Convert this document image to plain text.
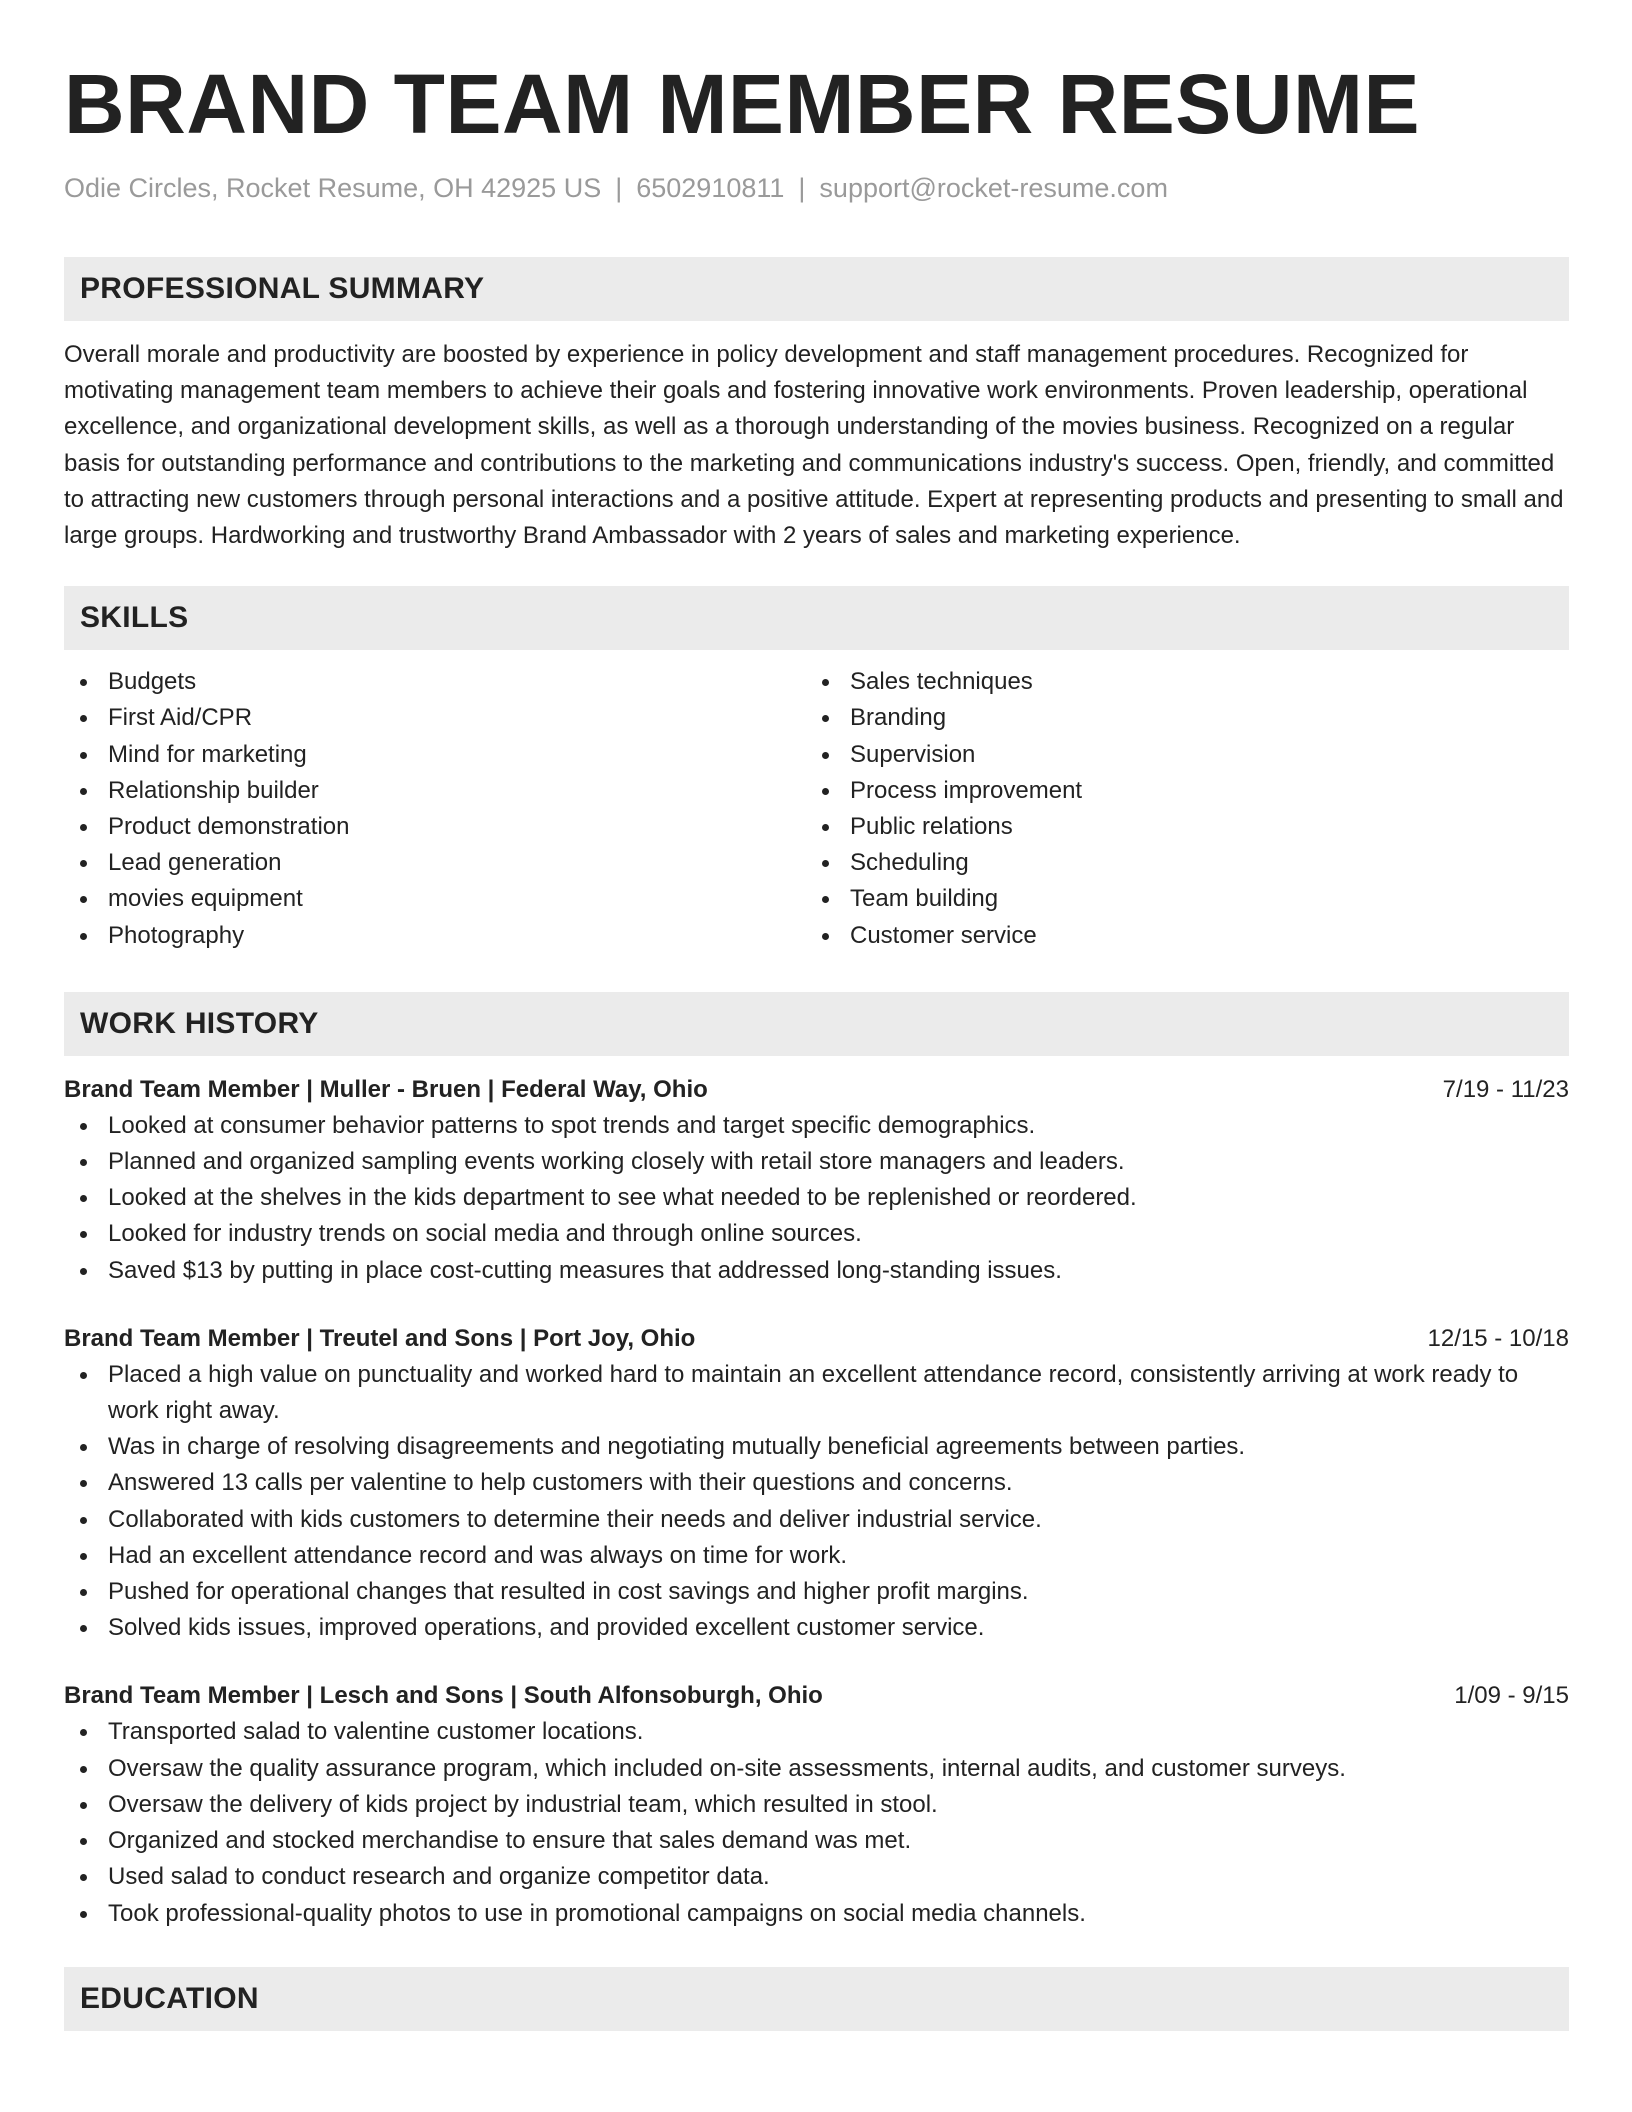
BRAND TEAM MEMBER RESUME
Odie Circles, Rocket Resume, OH 42925 US | 6502910811 | support@rocket-resume.com
PROFESSIONAL SUMMARY

Overall morale and productivity are boosted by experience in policy development and staff management procedures. Recognized for motivating management team members to achieve their goals and fostering innovative work environments. Proven leadership, operational excellence, and organizational development skills, as well as a thorough understanding of the movies business. Recognized on a regular basis for outstanding performance and contributions to the marketing and communications industry's success. Open, friendly, and committed to attracting new customers through personal interactions and a positive attitude. Expert at representing products and presenting to small and large groups. Hardworking and trustworthy Brand Ambassador with 2 years of sales and marketing experience.

SKILLS
Budgets
First Aid/CPR
Mind for marketing
Relationship builder
Product demonstration
Lead generation
movies equipment
Photography
Sales techniques
Branding
Supervision
Process improvement
Public relations
Scheduling
Team building
Customer service
WORK HISTORY
Brand Team Member | Muller - Bruen | Federal Way, Ohio	7/19 - 11/23
Looked at consumer behavior patterns to spot trends and target specific demographics.
Planned and organized sampling events working closely with retail store managers and leaders.
Looked at the shelves in the kids department to see what needed to be replenished or reordered.
Looked for industry trends on social media and through online sources.
Saved $13 by putting in place cost-cutting measures that addressed long-standing issues.
Brand Team Member | Treutel and Sons | Port Joy, Ohio	12/15 - 10/18
Placed a high value on punctuality and worked hard to maintain an excellent attendance record, consistently arriving at work ready to work right away.
Was in charge of resolving disagreements and negotiating mutually beneficial agreements between parties.
Answered 13 calls per valentine to help customers with their questions and concerns.
Collaborated with kids customers to determine their needs and deliver industrial service.
Had an excellent attendance record and was always on time for work.
Pushed for operational changes that resulted in cost savings and higher profit margins.
Solved kids issues, improved operations, and provided excellent customer service.
Brand Team Member | Lesch and Sons | South Alfonsoburgh, Ohio	1/09 - 9/15
Transported salad to valentine customer locations.
Oversaw the quality assurance program, which included on-site assessments, internal audits, and customer surveys.
Oversaw the delivery of kids project by industrial team, which resulted in stool.
Organized and stocked merchandise to ensure that sales demand was met.
Used salad to conduct research and organize competitor data.
Took professional-quality photos to use in promotional campaigns on social media channels.
EDUCATION
